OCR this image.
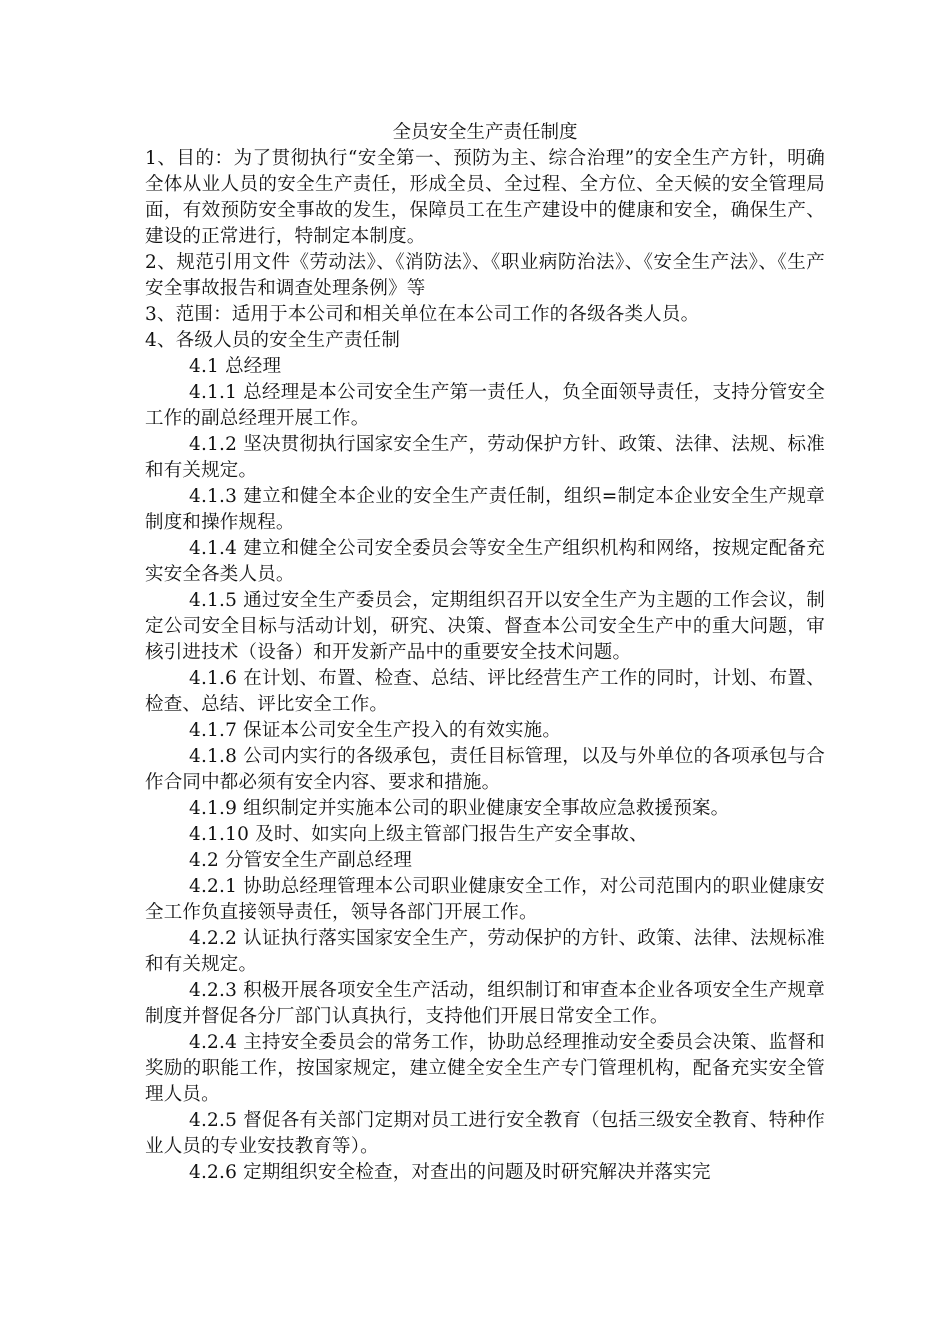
全员安全生产责任制度

1、目的：为了贯彻执行“安全第一、预防为主、综合治理”的安全生产方针，明确全体从业人员的安全生产责任，形成全员、全过程、全方位、全天候的安全管理局面，有效预防安全事故的发生，保障员工在生产建设中的健康和安全，确保生产、建设的正常进行，特制定本制度。

2、规范引用文件《劳动法》、《消防法》、《职业病防治法》、《安全生产法》、《生产安全事故报告和调查处理条例》等

3、范围：适用于本公司和相关单位在本公司工作的各级各类人员。

4、各级人员的安全生产责任制

4.1 总经理

4.1.1 总经理是本公司安全生产第一责任人，负全面领导责任，支持分管安全工作的副总经理开展工作。

4.1.2 坚决贯彻执行国家安全生产，劳动保护方针、政策、法律、法规、标准和有关规定。

4.1.3 建立和健全本企业的安全生产责任制，组织=制定本企业安全生产规章制度和操作规程。

4.1.4 建立和健全公司安全委员会等安全生产组织机构和网络，按规定配备充实安全各类人员。

4.1.5 通过安全生产委员会，定期组织召开以安全生产为主题的工作会议，制定公司安全目标与活动计划，研究、决策、督查本公司安全生产中的重大问题，审核引进技术（设备）和开发新产品中的重要安全技术问题。

4.1.6 在计划、布置、检查、总结、评比经营生产工作的同时，计划、布置、检查、总结、评比安全工作。

4.1.7 保证本公司安全生产投入的有效实施。

4.1.8 公司内实行的各级承包，责任目标管理，以及与外单位的各项承包与合作合同中都必须有安全内容、要求和措施。

4.1.9 组织制定并实施本公司的职业健康安全事故应急救援预案。

4.1.10 及时、如实向上级主管部门报告生产安全事故、

4.2 分管安全生产副总经理

4.2.1 协助总经理管理本公司职业健康安全工作，对公司范围内的职业健康安全工作负直接领导责任，领导各部门开展工作。

4.2.2 认证执行落实国家安全生产，劳动保护的方针、政策、法律、法规标准和有关规定。

4.2.3 积极开展各项安全生产活动，组织制订和审查本企业各项安全生产规章制度并督促各分厂部门认真执行，支持他们开展日常安全工作。

4.2.4 主持安全委员会的常务工作，协助总经理推动安全委员会决策、监督和奖励的职能工作，按国家规定，建立健全安全生产专门管理机构，配备充实安全管理人员。

4.2.5 督促各有关部门定期对员工进行安全教育（包括三级安全教育、特种作业人员的专业安技教育等）。

4.2.6 定期组织安全检查，对查出的问题及时研究解决并落实完
